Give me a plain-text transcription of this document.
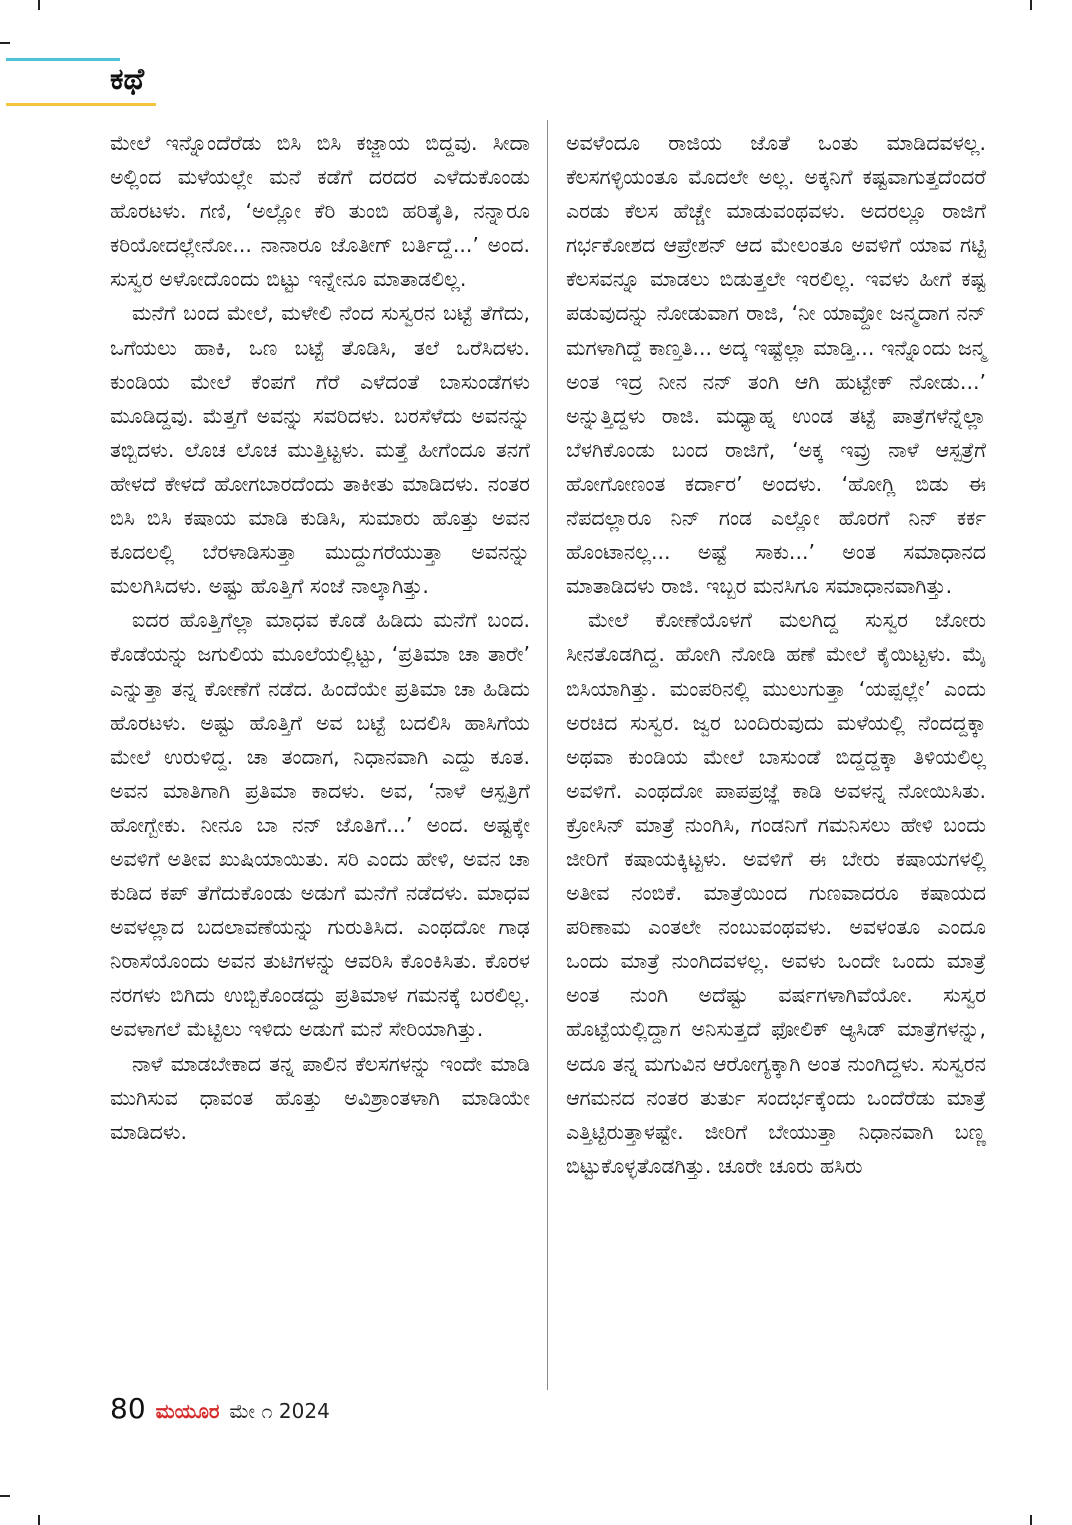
ಕಥೆ

ಮೇಲೆ ಇನ್ನೊಂದೆರೆಡು ಬಿಸಿ ಬಿಸಿ ಕಜ್ಜಾಯ ಬಿದ್ದವು. ಸೀದಾ ಅಲ್ಲಿಂದ ಮಳೆಯಲ್ಲೇ ಮನೆ ಕಡೆಗೆ ದರದರ ಎಳೆದುಕೊಂಡು ಹೊರಟಳು. ಗಣಿ, ‘ಅಲ್ಲೋ ಕೆರಿ ತುಂಬಿ ಹರಿತೈತಿ, ನನ್ನಾರೂ ಕರಿಯೋದಲ್ಲೇನೋ... ನಾನಾರೂ ಜೊತೀಗ್ ಬರ್ತಿದ್ದೆ...’ ಅಂದ. ಸುಸ್ವರ ಅಳೋದೊಂದು ಬಿಟ್ಟು ಇನ್ನೇನೂ ಮಾತಾಡಲಿಲ್ಲ.

ಮನೆಗೆ ಬಂದ ಮೇಲೆ, ಮಳೇಲಿ ನೆಂದ ಸುಸ್ವರನ ಬಟ್ಟೆ ತೆಗೆದು, ಒಗೆಯಲು ಹಾಕಿ, ಒಣ ಬಟ್ಟೆ ತೊಡಿಸಿ, ತಲೆ ಒರೆಸಿದಳು. ಕುಂಡಿಯ ಮೇಲೆ ಕೆಂಪಗೆ ಗೆರೆ ಎಳೆದಂತೆ ಬಾಸುಂಡೆಗಳು ಮೂಡಿದ್ದವು. ಮೆತ್ತಗೆ ಅವನ್ನು ಸವರಿದಳು. ಬರಸೆಳೆದು ಅವನನ್ನು ತಬ್ಬಿದಳು. ಲೊಚ ಲೊಚ ಮುತ್ತಿಟ್ಟಳು. ಮತ್ತೆ ಹೀಗೆಂದೂ ತನಗೆ ಹೇಳದೆ ಕೇಳದೆ ಹೋಗಬಾರದೆಂದು ತಾಕೀತು ಮಾಡಿದಳು. ನಂತರ ಬಿಸಿ ಬಿಸಿ ಕಷಾಯ ಮಾಡಿ ಕುಡಿಸಿ, ಸುಮಾರು ಹೊತ್ತು ಅವನ ಕೂದಲಲ್ಲಿ ಬೆರಳಾಡಿಸುತ್ತಾ ಮುದ್ದುಗರೆಯುತ್ತಾ ಅವನನ್ನು ಮಲಗಿಸಿದಳು. ಅಷ್ಟು ಹೊತ್ತಿಗೆ ಸಂಜೆ ನಾಲ್ಕಾಗಿತ್ತು.

ಐದರ ಹೊತ್ತಿಗೆಲ್ಲಾ ಮಾಧವ ಕೊಡೆ ಹಿಡಿದು ಮನೆಗೆ ಬಂದ. ಕೊಡೆಯನ್ನು ಜಗುಲಿಯ ಮೂಲೆಯಲ್ಲಿಟ್ಟು, ‘ಪ್ರತಿಮಾ ಚಾ ತಾರೇ’ ಎನ್ನುತ್ತಾ ತನ್ನ ಕೋಣೆಗೆ ನಡೆದ. ಹಿಂದೆಯೇ ಪ್ರತಿಮಾ ಚಾ ಹಿಡಿದು ಹೊರಟಳು. ಅಷ್ಟು ಹೊತ್ತಿಗೆ ಅವ ಬಟ್ಟೆ ಬದಲಿಸಿ ಹಾಸಿಗೆಯ ಮೇಲೆ ಉರುಳಿದ್ದ. ಚಾ ತಂದಾಗ, ನಿಧಾನವಾಗಿ ಎದ್ದು ಕೂತ. ಅವನ ಮಾತಿಗಾಗಿ ಪ್ರತಿಮಾ ಕಾದಳು. ಅವ, ‘ನಾಳೆ ಆಸ್ಪತ್ರಿಗೆ ಹೋಗ್ಬೇಕು. ನೀನೂ ಬಾ ನನ್ ಜೊತಿಗೆ...’ ಅಂದ. ಅಷ್ಟಕ್ಕೇ ಅವಳಿಗೆ ಅತೀವ ಖುಷಿಯಾಯಿತು. ಸರಿ ಎಂದು ಹೇಳಿ, ಅವನ ಚಾ ಕುಡಿದ ಕಪ್ ತೆಗೆದುಕೊಂಡು ಅಡುಗೆ ಮನೆಗೆ ನಡೆದಳು. ಮಾಧವ ಅವಳಲ್ಲಾದ ಬದಲಾವಣೆಯನ್ನು ಗುರುತಿಸಿದ. ಎಂಥದೋ ಗಾಢ ನಿರಾಸೆಯೊಂದು ಅವನ ತುಟಿಗಳನ್ನು ಆವರಿಸಿ ಕೊಂಕಿಸಿತು. ಕೊರಳ ನರಗಳು ಬಿಗಿದು ಉಬ್ಬಿಕೊಂಡದ್ದು ಪ್ರತಿಮಾಳ ಗಮನಕ್ಕೆ ಬರಲಿಲ್ಲ. ಅವಳಾಗಲೆ ಮೆಟ್ಟಿಲು ಇಳಿದು ಅಡುಗೆ ಮನೆ ಸೇರಿಯಾಗಿತ್ತು.

ನಾಳೆ ಮಾಡಬೇಕಾದ ತನ್ನ ಪಾಲಿನ ಕೆಲಸಗಳನ್ನು ಇಂದೇ ಮಾಡಿ ಮುಗಿಸುವ ಧಾವಂತ ಹೊತ್ತು ಅವಿಶ್ರಾಂತಳಾಗಿ ಮಾಡಿಯೇ ಮಾಡಿದಳು.

ಅವಳೆಂದೂ ರಾಜಿಯ ಜೊತೆ ಒಂತು ಮಾಡಿದವಳಲ್ಲ. ಕೆಲಸಗಳ್ಳಿಯಂತೂ ಮೊದಲೇ ಅಲ್ಲ. ಅಕ್ಕನಿಗೆ ಕಷ್ಟವಾಗುತ್ತದೆಂದರೆ ಎರಡು ಕೆಲಸ ಹೆಚ್ಚೇ ಮಾಡುವಂಥವಳು. ಅದರಲ್ಲೂ ರಾಜಿಗೆ ಗರ್ಭಕೋಶದ ಆಪ್ರೇಶನ್ ಆದ ಮೇಲಂತೂ ಅವಳಿಗೆ ಯಾವ ಗಟ್ಟಿ ಕೆಲಸವನ್ನೂ ಮಾಡಲು ಬಿಡುತ್ತಲೇ ಇರಲಿಲ್ಲ. ಇವಳು ಹೀಗೆ ಕಷ್ಟ ಪಡುವುದನ್ನು ನೋಡುವಾಗ ರಾಜಿ, ‘ನೀ ಯಾವ್ದೋ ಜನ್ಮದಾಗ ನನ್ ಮಗಳಾಗಿದ್ದೆ ಕಾಣ್ತತಿ... ಅದ್ಕ ಇಷ್ಟೆಲ್ಲಾ ಮಾಡ್ತಿ... ಇನ್ನೊಂದು ಜನ್ಮ ಅಂತ ಇದ್ರ ನೀನ ನನ್ ತಂಗಿ ಆಗಿ ಹುಟ್ಟೇಕ್ ನೋಡು...’ ಅನ್ನುತ್ತಿದ್ದಳು ರಾಜಿ. ಮಧ್ಯಾಹ್ನ ಉಂಡ ತಟ್ಟೆ ಪಾತ್ರೆಗಳೆನ್ನೆಲ್ಲಾ ಬೆಳಗಿಕೊಂಡು ಬಂದ ರಾಜಿಗೆ, ‘ಅಕ್ಕ ಇವ್ರು ನಾಳೆ ಆಸ್ಪತ್ರೆಗೆ ಹೋಗೋಣಂತ ಕರ್ದಾರ’ ಅಂದಳು. ‘ಹೋಗ್ಲಿ ಬಿಡು ಈ ನೆಪದಲ್ಲಾರೂ ನಿನ್ ಗಂಡ ಎಲ್ಲೋ ಹೊರಗೆ ನಿನ್ ಕರ್ಕ ಹೊಂಟಾನಲ್ಲ... ಅಷ್ಟೆ ಸಾಕು...’ ಅಂತ ಸಮಾಧಾನದ ಮಾತಾಡಿದಳು ರಾಜಿ. ಇಬ್ಬರ ಮನಸಿಗೂ ಸಮಾಧಾನವಾಗಿತ್ತು.

ಮೇಲೆ ಕೋಣೆಯೊಳಗೆ ಮಲಗಿದ್ದ ಸುಸ್ವರ ಜೋರು ಸೀನತೊಡಗಿದ್ದ. ಹೋಗಿ ನೋಡಿ ಹಣೆ ಮೇಲೆ ಕೈಯಿಟ್ಟಳು. ಮೈ ಬಿಸಿಯಾಗಿತ್ತು. ಮಂಪರಿನಲ್ಲಿ ಮುಲುಗುತ್ತಾ ‘ಯಪ್ಪಲ್ಲೇ’ ಎಂದು ಅರಚಿದ ಸುಸ್ವರ. ಜ್ವರ ಬಂದಿರುವುದು ಮಳೆಯಲ್ಲಿ ನೆಂದದ್ದಕ್ಕಾ ಅಥವಾ ಕುಂಡಿಯ ಮೇಲೆ ಬಾಸುಂಡೆ ಬಿದ್ದದ್ದಕ್ಕಾ ತಿಳಿಯಲಿಲ್ಲ ಅವಳಿಗೆ. ಎಂಥದೋ ಪಾಪಪ್ರಜ್ಞೆ ಕಾಡಿ ಅವಳನ್ನ ನೋಯಿಸಿತು. ಕ್ರೋಸಿನ್ ಮಾತ್ರೆ ನುಂಗಿಸಿ, ಗಂಡನಿಗೆ ಗಮನಿಸಲು ಹೇಳಿ ಬಂದು ಜೀರಿಗೆ ಕಷಾಯಕ್ಕಿಟ್ಟಳು. ಅವಳಿಗೆ ಈ ಬೇರು ಕಷಾಯಗಳಲ್ಲಿ ಅತೀವ ನಂಬಿಕೆ. ಮಾತ್ರೆಯಿಂದ ಗುಣವಾದರೂ ಕಷಾಯದ ಪರಿಣಾಮ ಎಂತಲೇ ನಂಬುವಂಥವಳು. ಅವಳಂತೂ ಎಂದೂ ಒಂದು ಮಾತ್ರೆ ನುಂಗಿದವಳಲ್ಲ. ಅವಳು ಒಂದೇ ಒಂದು ಮಾತ್ರೆ ಅಂತ ನುಂಗಿ ಅದೆಷ್ಟು ವರ್ಷಗಳಾಗಿವೆಯೋ. ಸುಸ್ವರ ಹೊಟ್ಟೆಯಲ್ಲಿದ್ದಾಗ ಅನಿಸುತ್ತದೆ ಫೋಲಿಕ್ ಆ್ಯಸಿಡ್ ಮಾತ್ರೆಗಳನ್ನು, ಅದೂ ತನ್ನ ಮಗುವಿನ ಆರೋಗ್ಯಕ್ಕಾಗಿ ಅಂತ ನುಂಗಿದ್ದಳು. ಸುಸ್ವರನ ಆಗಮನದ ನಂತರ ತುರ್ತು ಸಂದರ್ಭಕ್ಕೆಂದು ಒಂದೆರೆಡು ಮಾತ್ರೆ ಎತ್ತಿಟ್ಟಿರುತ್ತಾಳಷ್ಟೇ. ಜೀರಿಗೆ ಬೇಯುತ್ತಾ ನಿಧಾನವಾಗಿ ಬಣ್ಣ ಬಿಟ್ಟುಕೊಳ್ಳತೊಡಗಿತ್ತು. ಚೂರೇ ಚೂರು ಹಸಿರು

80 ಮಯೂರ ಮೇ ೧ 2024
